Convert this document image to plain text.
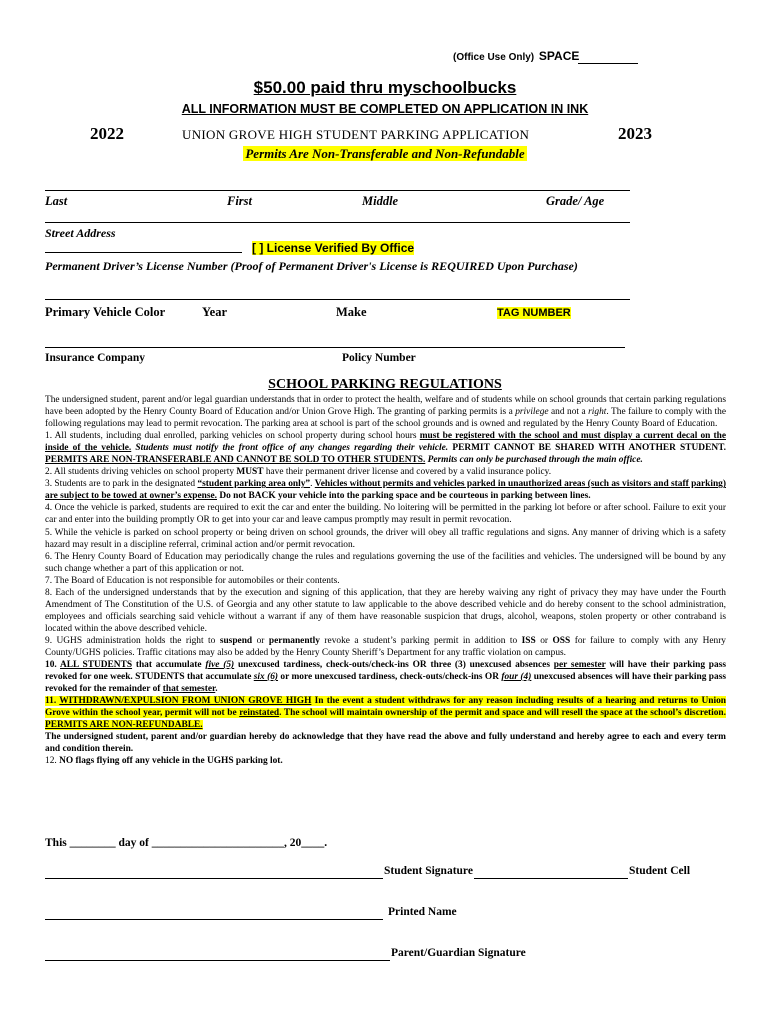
(Office Use Only) SPACE
$50.00 paid thru myschoolbucks
ALL INFORMATION MUST BE COMPLETED ON APPLICATION IN INK
2022	UNION GROVE HIGH STUDENT PARKING APPLICATION	2023
Permits Are Non-Transferable and Non-Refundable
Last	First	Middle	Grade/ Age
Street Address
[ ] License Verified By Office
Permanent Driver’s License Number (Proof of Permanent Driver's License is REQUIRED Upon Purchase)
Primary Vehicle Color	Year	Make	TAG NUMBER
Insurance Company	Policy Number
SCHOOL PARKING REGULATIONS

The undersigned student, parent and/or legal guardian understands that in order to protect the health, welfare and of students while on school grounds that certain parking regulations have been adopted by the Henry County Board of Education and/or Union Grove High. The granting of parking permits is a privilege and not a right. The failure to comply with the following regulations may lead to permit revocation. The parking area at school is part of the school grounds and is owned and regulated by the Henry County Board of Education.

1. All students, including dual enrolled, parking vehicles on school property during school hours must be registered with the school and must display a current decal on the inside of the vehicle. Students must notify the front office of any changes regarding their vehicle. PERMIT CANNOT BE SHARED WITH ANOTHER STUDENT. PERMITS ARE NON-TRANSFERABLE AND CANNOT BE SOLD TO OTHER STUDENTS. Permits can only be purchased through the main office.

2. All students driving vehicles on school property MUST have their permanent driver license and covered by a valid insurance policy.

3. Students are to park in the designated “student parking area only”. Vehicles without permits and vehicles parked in unauthorized areas (such as visitors and staff parking) are subject to be towed at owner’s expense. Do not BACK your vehicle into the parking space and be courteous in parking between lines.

4. Once the vehicle is parked, students are required to exit the car and enter the building. No loitering will be permitted in the parking lot before or after school. Failure to exit your car and enter into the building promptly OR to get into your car and leave campus promptly may result in permit revocation.

5. While the vehicle is parked on school property or being driven on school grounds, the driver will obey all traffic regulations and signs. Any manner of driving which is a safety hazard may result in a discipline referral, criminal action and/or permit revocation.

6. The Henry County Board of Education may periodically change the rules and regulations governing the use of the facilities and vehicles. The undersigned will be bound by any such change whether a part of this application or not.

7. The Board of Education is not responsible for automobiles or their contents.

8. Each of the undersigned understands that by the execution and signing of this application, that they are hereby waiving any right of privacy they may have under the Fourth Amendment of The Constitution of the U.S. of Georgia and any other statute to law applicable to the above described vehicle and do hereby consent to the school administration, employees and officials searching said vehicle without a warrant if any of them have reasonable suspicion that drugs, alcohol, weapons, stolen property or other contraband is located within the above described vehicle.

9. UGHS administration holds the right to suspend or permanently revoke a student’s parking permit in addition to ISS or OSS for failure to comply with any Henry County/UGHS policies. Traffic citations may also be added by the Henry County Sheriff’s Department for any traffic violation on campus.

10. ALL STUDENTS that accumulate five (5) unexcused tardiness, check-outs/check-ins OR three (3) unexcused absences per semester will have their parking pass revoked for one week. STUDENTS that accumulate six (6) or more unexcused tardiness, check-outs/check-ins OR four (4) unexcused absences will have their parking pass revoked for the remainder of that semester.

11. WITHDRAWN/EXPULSION FROM UNION GROVE HIGH In the event a student withdraws for any reason including results of a hearing and returns to Union Grove within the school year, permit will not be reinstated. The school will maintain ownership of the permit and space and will resell the space at the school’s discretion. PERMITS ARE NON-REFUNDABLE.

The undersigned student, parent and/or guardian hereby do acknowledge that they have read the above and fully understand and hereby agree to each and every term and condition therein.

12. NO flags flying off any vehicle in the UGHS parking lot.

This ________ day of _______________________, 20____.
Student Signature	Student Cell
Printed Name
Parent/Guardian Signature
